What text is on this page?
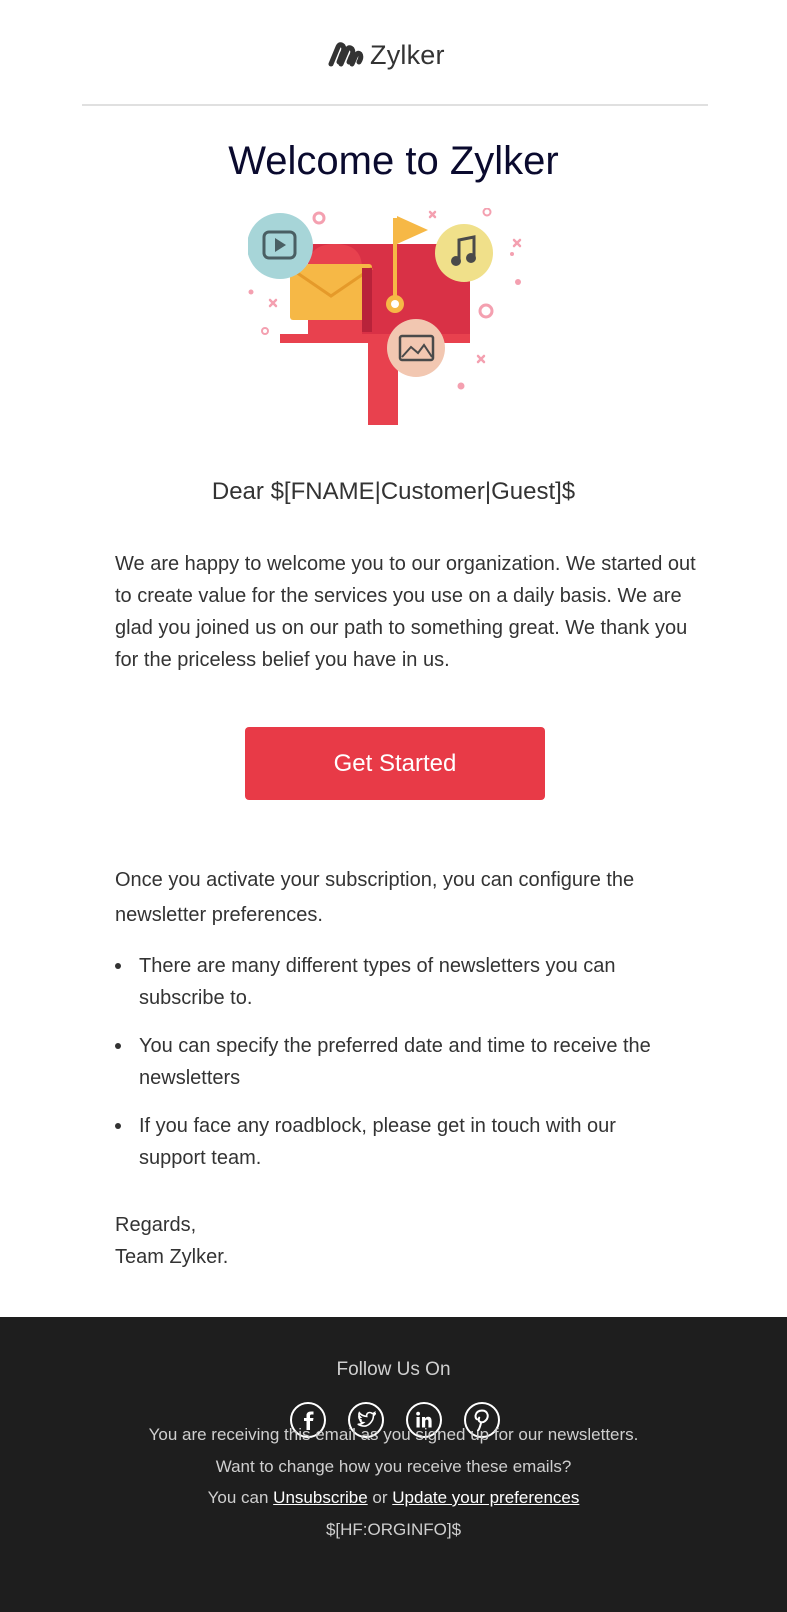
Zylker
Welcome to Zylker
Dear $[FNAME|Customer|Guest]$

We are happy to welcome you to our organization. We started out to create value for the services you use on a daily basis. We are glad you joined us on our path to something great. We thank you for the priceless belief you have in us.

Get Started

Once you activate your subscription, you can configure the newsletter preferences.

There are many different types of newsletters you can subscribe to.
You can specify the preferred date and time to receive the newsletters
If you face any roadblock, please get in touch with our support team.
Regards,
Team Zylker.
Follow Us On
You are receiving this email as you signed up for our newsletters.
Want to change how you receive these emails?
You can Unsubscribe or Update your preferences
$[HF:ORGINFO]$
